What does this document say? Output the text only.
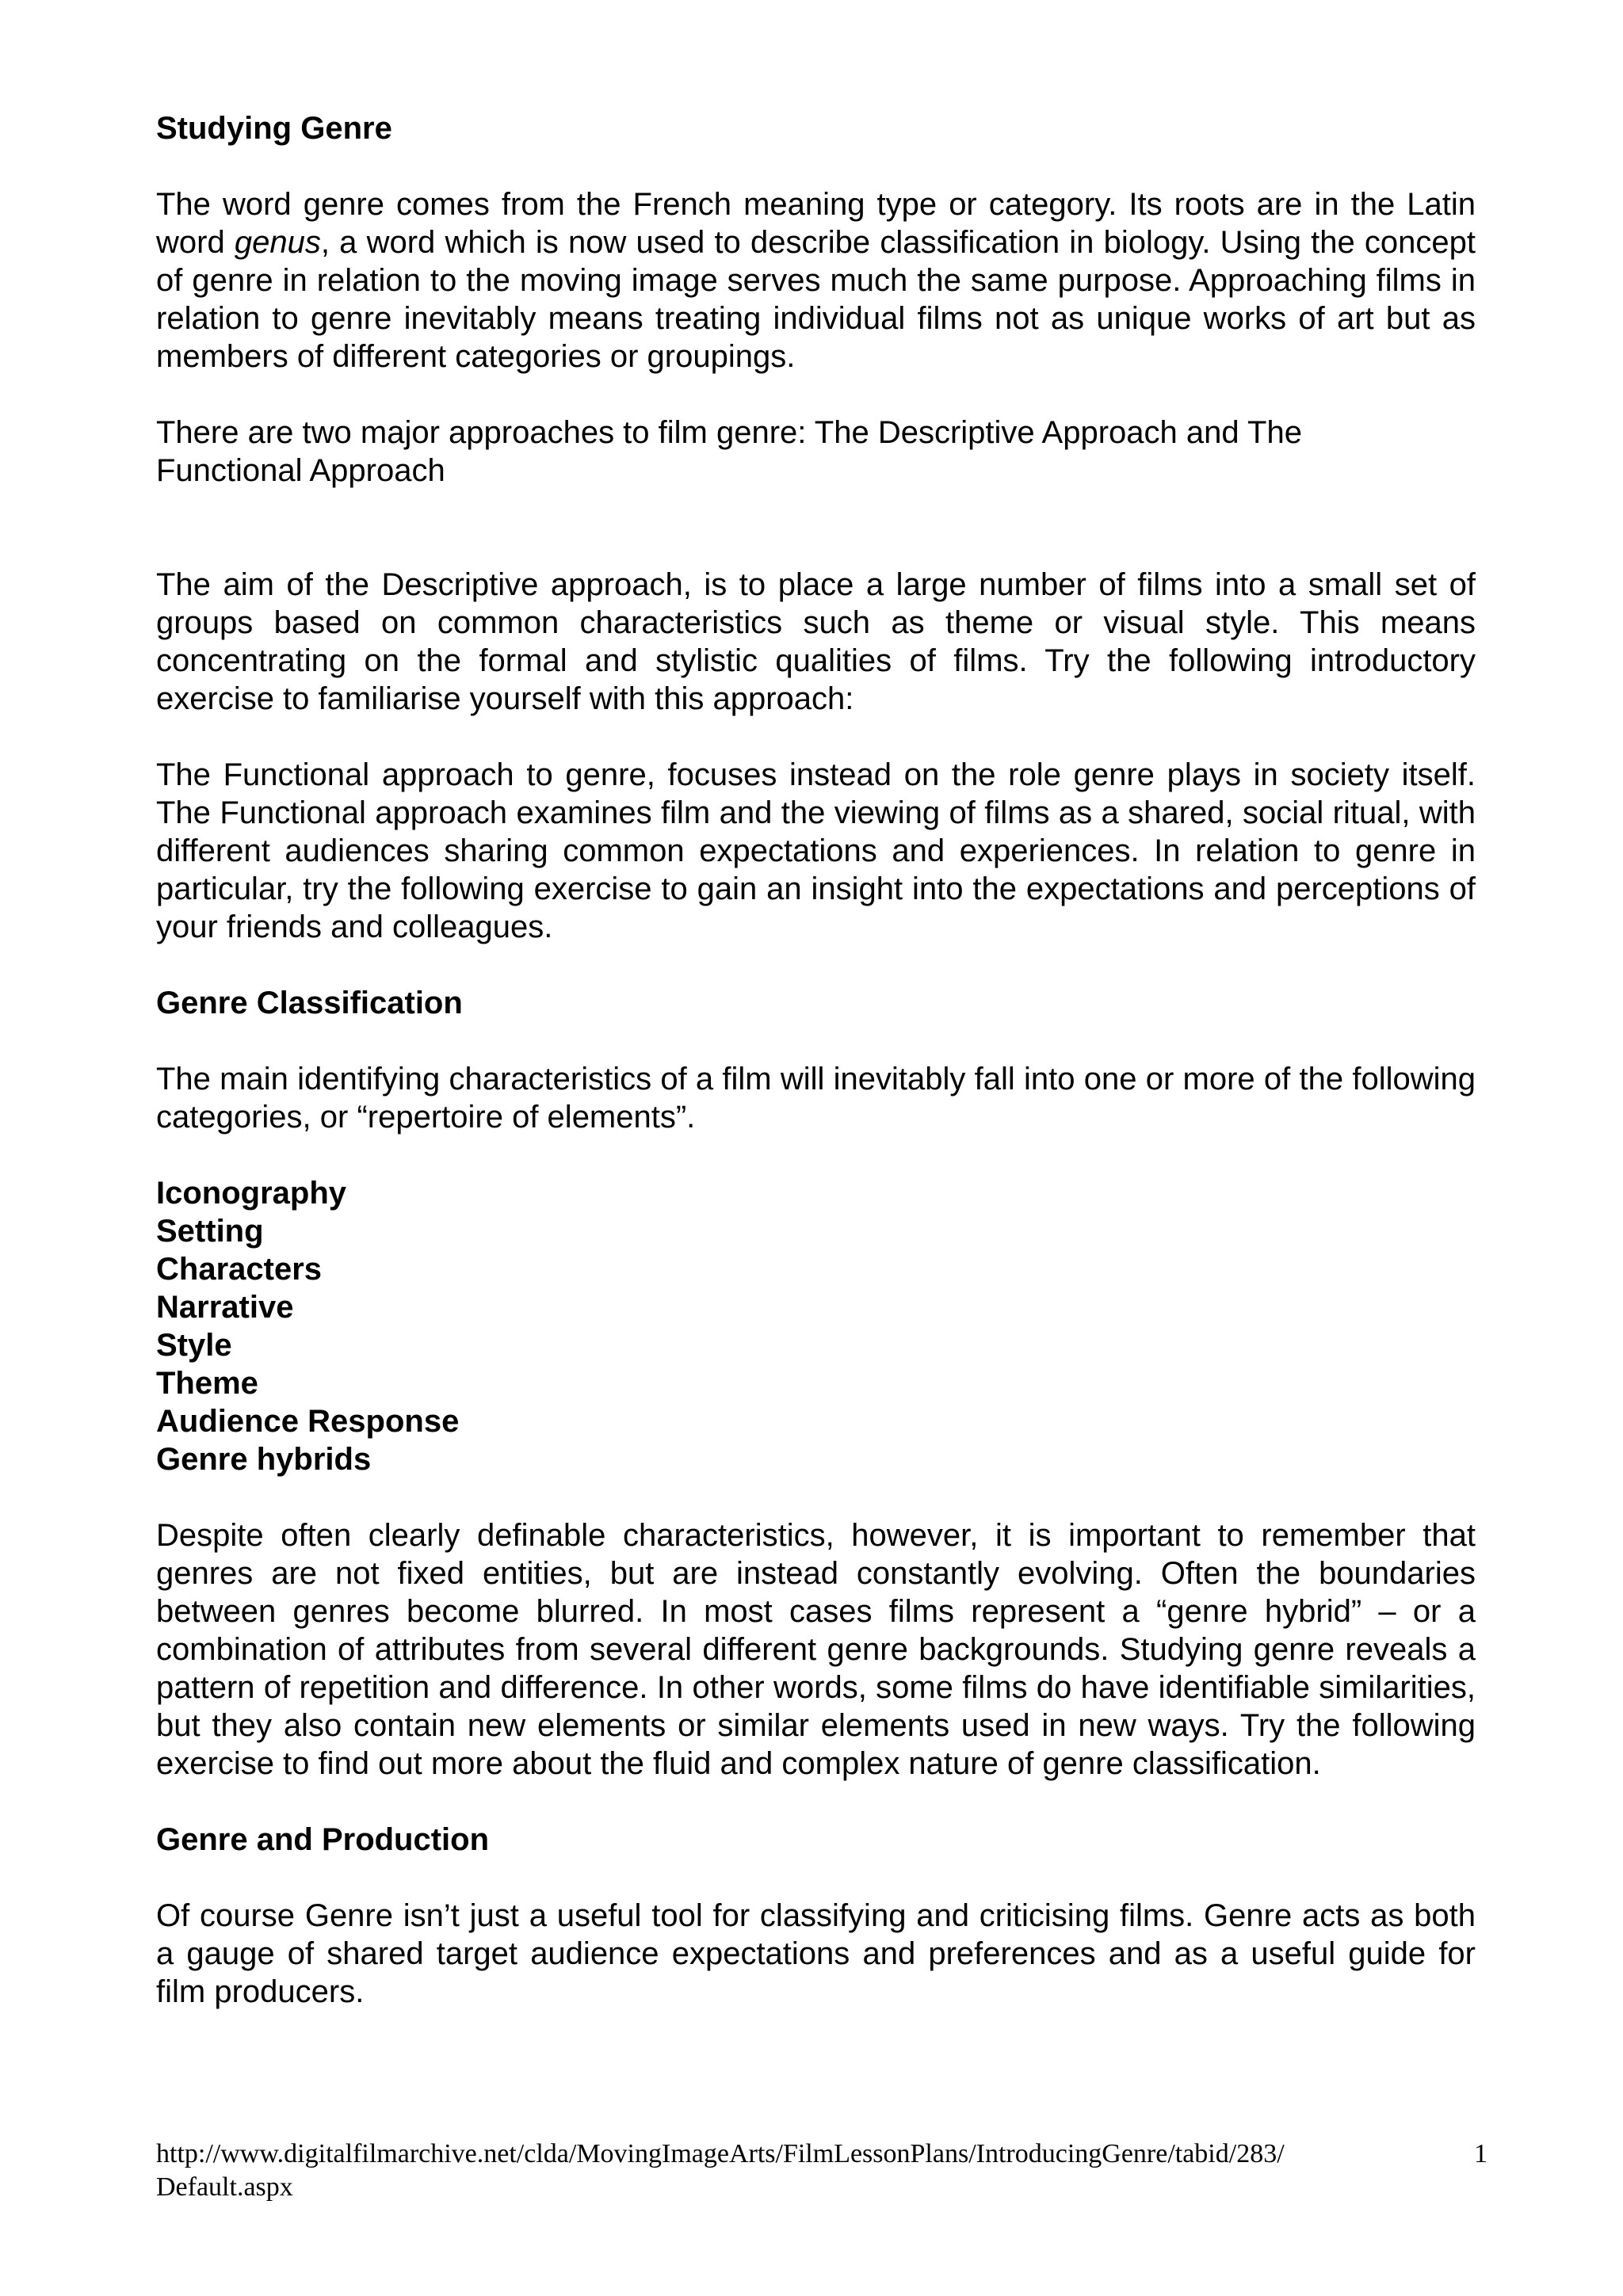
Studying Genre

The word genre comes from the French meaning type or category. Its roots are in the Latin word genus, a word which is now used to describe classification in biology. Using the concept of genre in relation to the moving image serves much the same purpose. Approaching films in relation to genre inevitably means treating individual films not as unique works of art but as members of different categories or groupings.

There are two major approaches to film genre: The Descriptive Approach and The
Functional Approach

The aim of the Descriptive approach, is to place a large number of films into a small set of groups based on common characteristics such as theme or visual style. This means concentrating on the formal and stylistic qualities of films. Try the following introductory exercise to familiarise yourself with this approach:

The Functional approach to genre, focuses instead on the role genre plays in society itself. The Functional approach examines film and the viewing of films as a shared, social ritual, with different audiences sharing common expectations and experiences. In relation to genre in particular, try the following exercise to gain an insight into the expectations and perceptions of your friends and colleagues.

Genre Classification

The main identifying characteristics of a film will inevitably fall into one or more of the following categories, or “repertoire of elements”.

Iconography
Setting
Characters
Narrative
Style
Theme
Audience Response
Genre hybrids

Despite often clearly definable characteristics, however, it is important to remember that genres are not fixed entities, but are instead constantly evolving. Often the boundaries between genres become blurred. In most cases films represent a “genre hybrid” – or a combination of attributes from several different genre backgrounds. Studying genre reveals a pattern of repetition and difference. In other words, some films do have identifiable similarities, but they also contain new elements or similar elements used in new ways. Try the following exercise to find out more about the fluid and complex nature of genre classification.

Genre and Production

Of course Genre isn’t just a useful tool for classifying and criticising films. Genre acts as both a gauge of shared target audience expectations and preferences and as a useful guide for film producers.

http://www.digitalfilmarchive.net/clda/MovingImageArts/FilmLessonPlans/IntroducingGenre/tabid/283/
Default.aspx
1
